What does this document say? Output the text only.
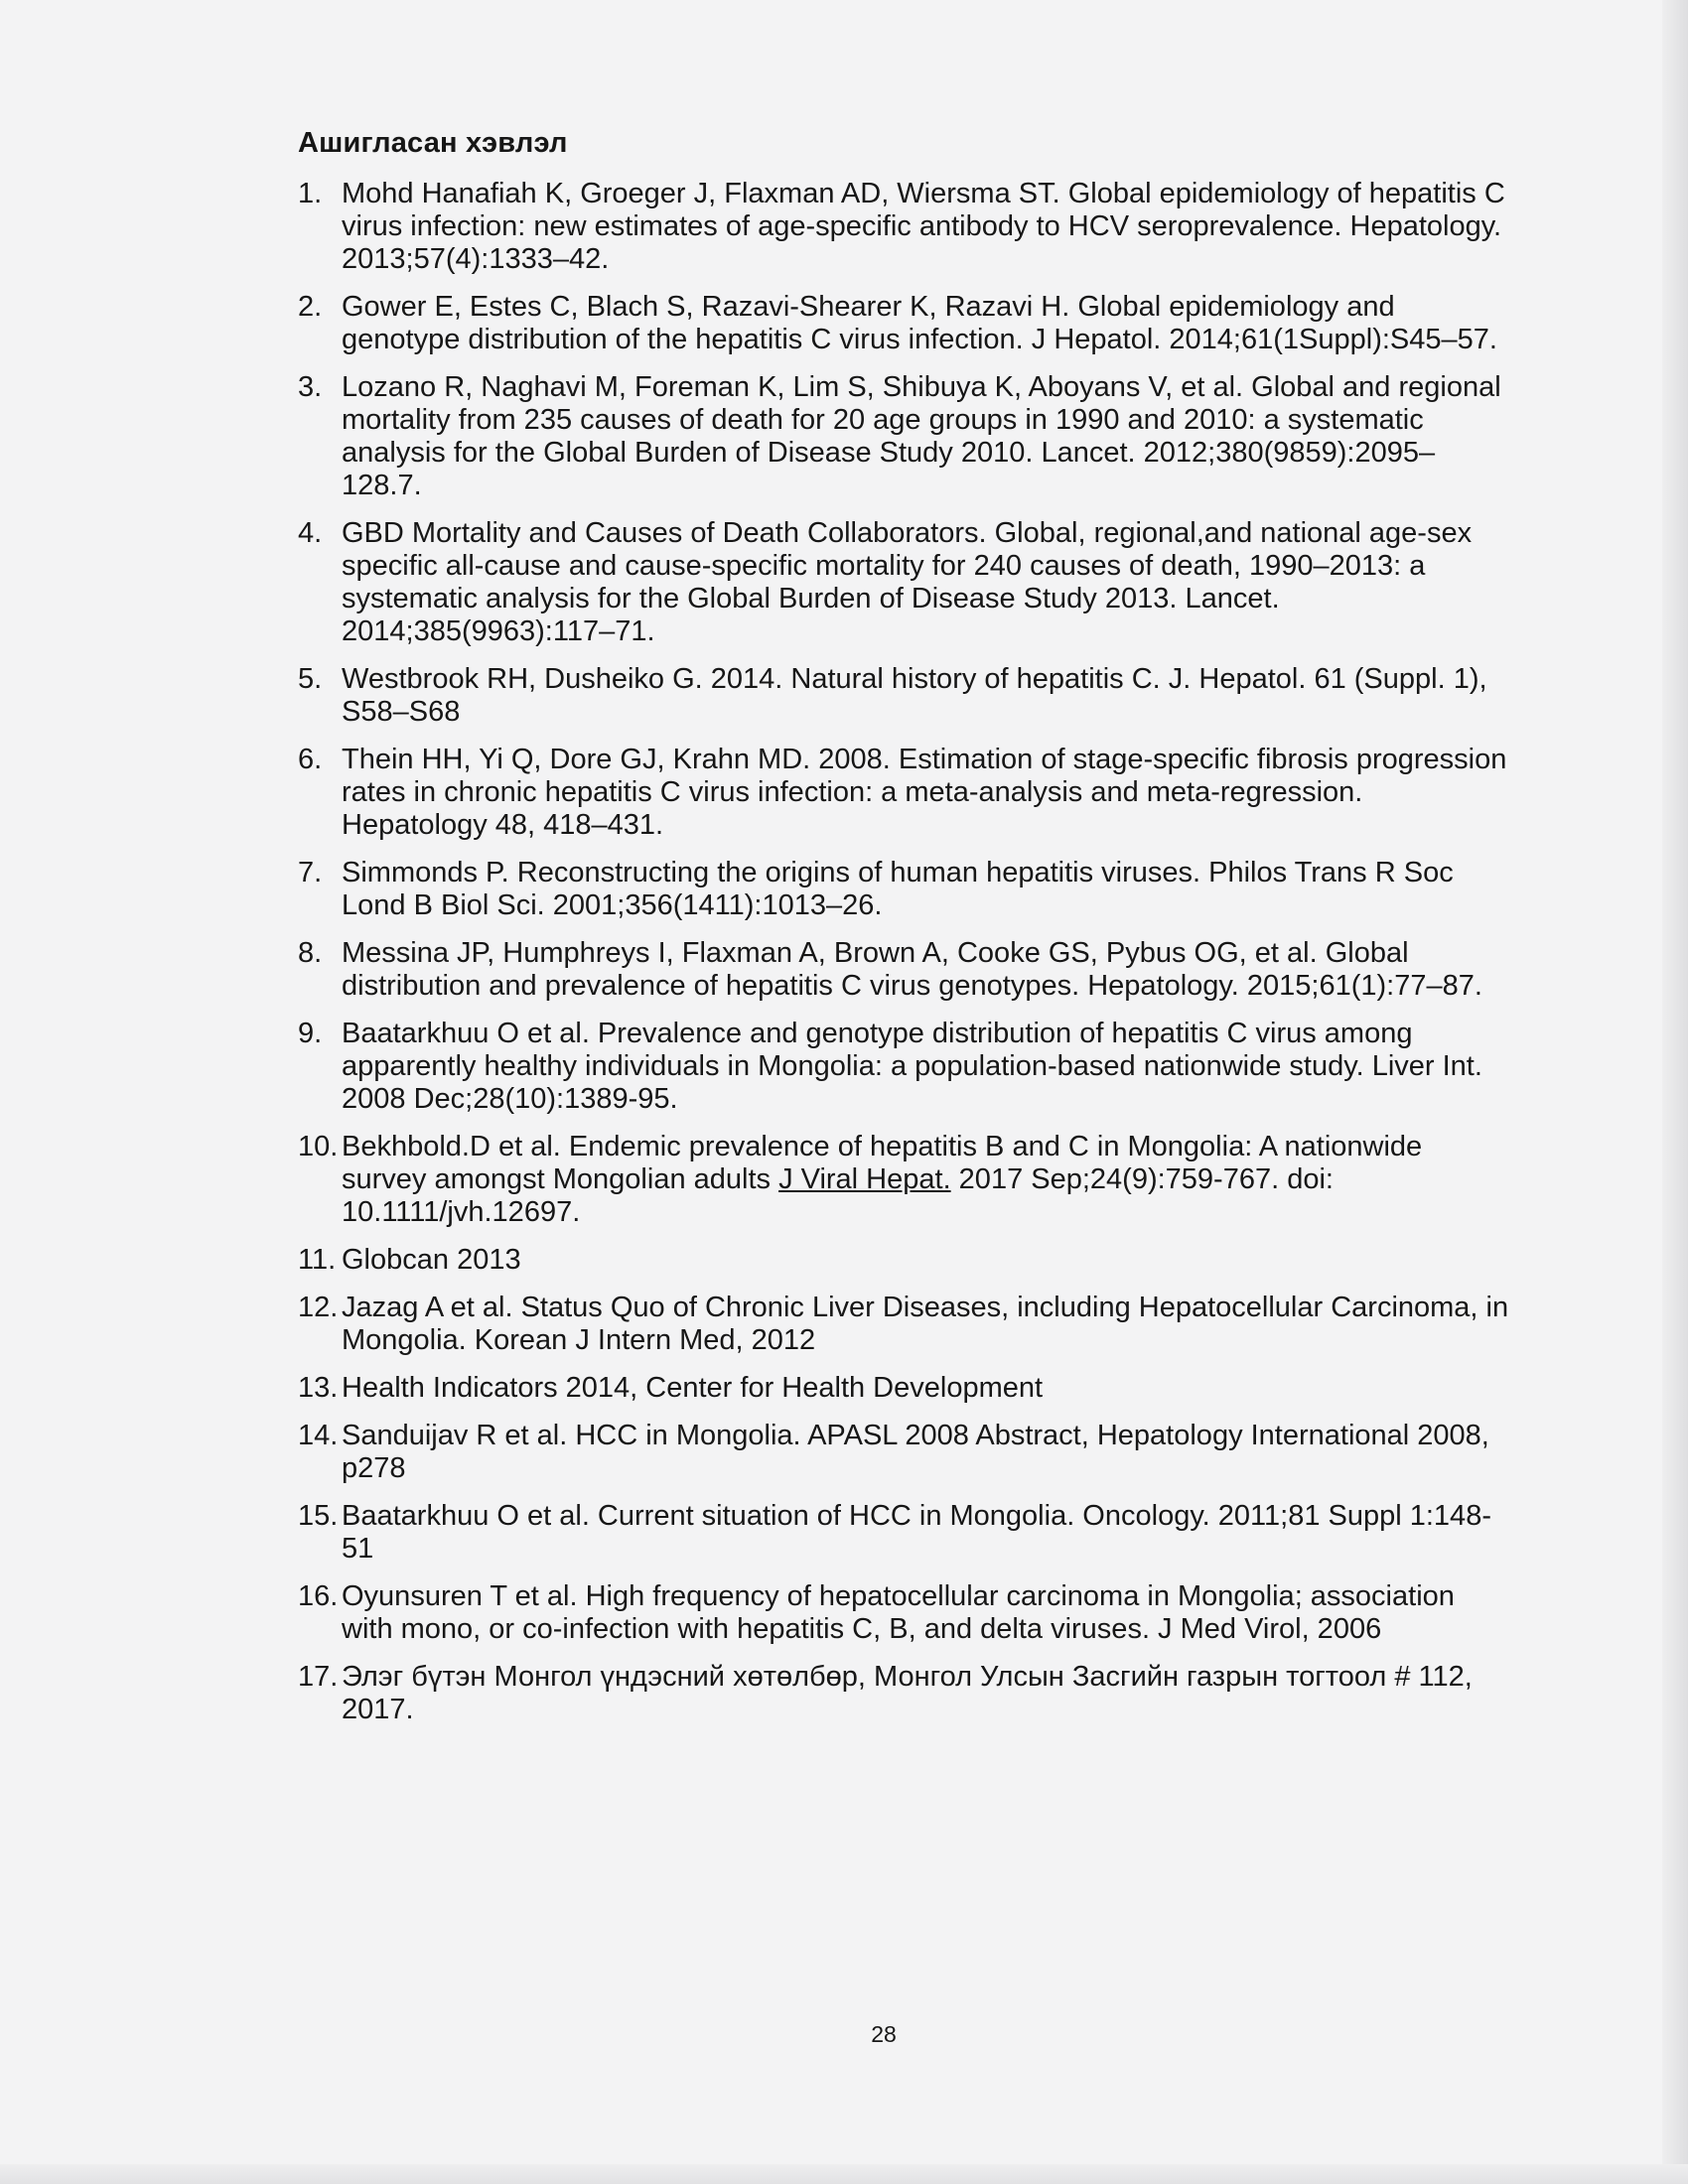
Ашигласан хэвлэл
1. Mohd Hanafiah K, Groeger J, Flaxman AD, Wiersma ST. Global epidemiology of hepatitis C virus infection: new estimates of age-specific antibody to HCV seroprevalence. Hepatology. 2013;57(4):1333–42.
2. Gower E, Estes C, Blach S, Razavi-Shearer K, Razavi H. Global epidemiology and genotype distribution of the hepatitis C virus infection. J Hepatol. 2014;61(1Suppl):S45–57.
3. Lozano R, Naghavi M, Foreman K, Lim S, Shibuya K, Aboyans V, et al. Global and regional mortality from 235 causes of death for 20 age groups in 1990 and 2010: a systematic analysis for the Global Burden of Disease Study 2010. Lancet. 2012;380(9859):2095–128.7.
4. GBD Mortality and Causes of Death Collaborators. Global, regional,and national age-sex specific all-cause and cause-specific mortality for 240 causes of death, 1990–2013: a systematic analysis for the Global Burden of Disease Study 2013. Lancet. 2014;385(9963):117–71.
5. Westbrook RH, Dusheiko G. 2014. Natural history of hepatitis C. J. Hepatol. 61 (Suppl. 1), S58–S68
6. Thein HH, Yi Q, Dore GJ, Krahn MD. 2008. Estimation of stage-specific fibrosis progression rates in chronic hepatitis C virus infection: a meta-analysis and meta-regression. Hepatology 48, 418–431.
7. Simmonds P. Reconstructing the origins of human hepatitis viruses. Philos Trans R Soc Lond B Biol Sci. 2001;356(1411):1013–26.
8. Messina JP, Humphreys I, Flaxman A, Brown A, Cooke GS, Pybus OG, et al. Global distribution and prevalence of hepatitis C virus genotypes. Hepatology. 2015;61(1):77–87.
9. Baatarkhuu O et al. Prevalence and genotype distribution of hepatitis C virus among apparently healthy individuals in Mongolia: a population-based nationwide study. Liver Int. 2008 Dec;28(10):1389-95.
10. Bekhbold.D et al. Endemic prevalence of hepatitis B and C in Mongolia: A nationwide survey amongst Mongolian adults J Viral Hepat. 2017 Sep;24(9):759-767. doi: 10.1111/jvh.12697.
11. Globcan 2013
12. Jazag A et al. Status Quo of Chronic Liver Diseases, including Hepatocellular Carcinoma, in Mongolia. Korean J Intern Med, 2012
13. Health Indicators 2014, Center for Health Development
14. Sanduijav R et al. HCC in Mongolia. APASL 2008 Abstract, Hepatology International 2008, p278
15. Baatarkhuu O et al. Current situation of HCC in Mongolia. Oncology. 2011;81 Suppl 1:148-51
16. Oyunsuren T et al. High frequency of hepatocellular carcinoma in Mongolia; association with mono, or co-infection with hepatitis C, B, and delta viruses. J Med Virol, 2006
17. Элэг бүтэн Монгол үндэсний хөтөлбөр, Монгол Улсын Засгийн газрын тогтоол # 112, 2017.
28
